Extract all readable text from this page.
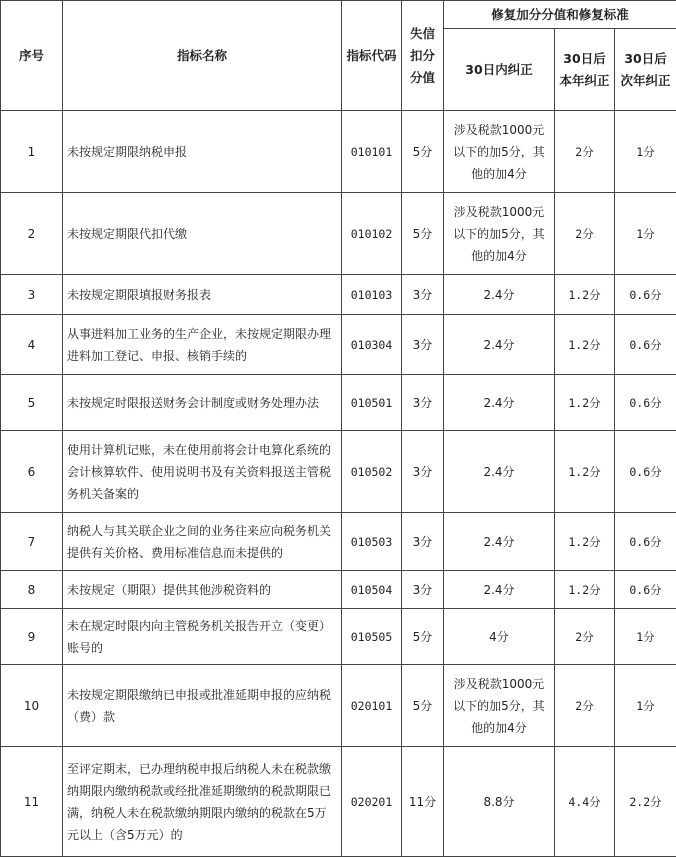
序号	指标名称	指标代码	失信扣分分值	修复加分分值和修复标准		
				30日内纠正	30日后本年纠正	30日后次年纠正
1	未按规定期限纳税申报	010101	5分	涉及税款1000元以下的加5分，其他的加4分	2分	1分
2	未按规定期限代扣代缴	010102	5分	涉及税款1000元以下的加5分，其他的加4分	2分	1分
3	未按规定期限填报财务报表	010103	3分	2.4分	1.2分	0.6分
4	从事进料加工业务的生产企业，未按规定期限办理进料加工登记、申报、核销手续的	010304	3分	2.4分	1.2分	0.6分
5	未按规定时限报送财务会计制度或财务处理办法	010501	3分	2.4分	1.2分	0.6分
6	使用计算机记账，未在使用前将会计电算化系统的会计核算软件、使用说明书及有关资料报送主管税务机关备案的	010502	3分	2.4分	1.2分	0.6分
7	纳税人与其关联企业之间的业务往来应向税务机关提供有关价格、费用标准信息而未提供的	010503	3分	2.4分	1.2分	0.6分
8	未按规定（期限）提供其他涉税资料的	010504	3分	2.4分	1.2分	0.6分
9	未在规定时限内向主管税务机关报告开立（变更）账号的	010505	5分	4分	2分	1分
10	未按规定期限缴纳已申报或批准延期申报的应纳税（费）款	020101	5分	涉及税款1000元以下的加5分，其他的加4分	2分	1分
11	至评定期末，已办理纳税申报后纳税人未在税款缴纳期限内缴纳税款或经批准延期缴纳的税款期限已满，纳税人未在税款缴纳期限内缴纳的税款在5万元以上（含5万元）的	020201	11分	8.8分	4.4分	2.2分
